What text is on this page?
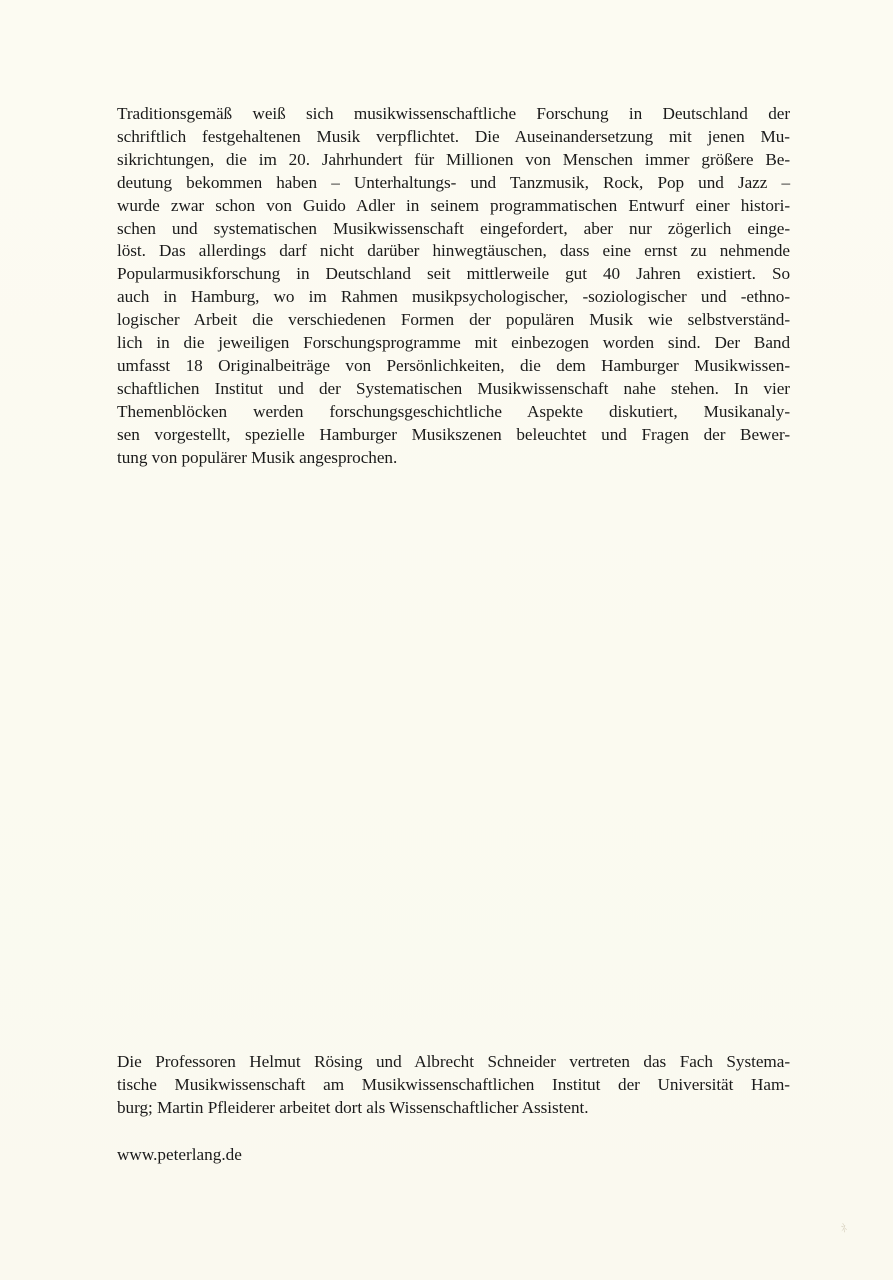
Traditionsgemäß weiß sich musikwissenschaftliche Forschung in Deutschland der
schriftlich festgehaltenen Musik verpflichtet. Die Auseinandersetzung mit jenen Mu-
sikrichtungen, die im 20. Jahrhundert für Millionen von Menschen immer größere Be-
deutung bekommen haben – Unterhaltungs- und Tanzmusik, Rock, Pop und Jazz –
wurde zwar schon von Guido Adler in seinem programmatischen Entwurf einer histori-
schen und systematischen Musikwissenschaft eingefordert, aber nur zögerlich einge-
löst. Das allerdings darf nicht darüber hinwegtäuschen, dass eine ernst zu nehmende
Popularmusikforschung in Deutschland seit mittlerweile gut 40 Jahren existiert. So
auch in Hamburg, wo im Rahmen musikpsychologischer, -soziologischer und -ethno-
logischer Arbeit die verschiedenen Formen der populären Musik wie selbstverständ-
lich in die jeweiligen Forschungsprogramme mit einbezogen worden sind. Der Band
umfasst 18 Originalbeiträge von Persönlichkeiten, die dem Hamburger Musikwissen-
schaftlichen Institut und der Systematischen Musikwissenschaft nahe stehen. In vier
Themenblöcken werden forschungsgeschichtliche Aspekte diskutiert, Musikanaly-
sen vorgestellt, spezielle Hamburger Musikszenen beleuchtet und Fragen der Bewer-
tung von populärer Musik angesprochen.
Die Professoren Helmut Rösing und Albrecht Schneider vertreten das Fach Systema-
tische Musikwissenschaft am Musikwissenschaftlichen Institut der Universität Ham-
burg; Martin Pfleiderer arbeitet dort als Wissenschaftlicher Assistent.
www.peterlang.de
ﾈ
